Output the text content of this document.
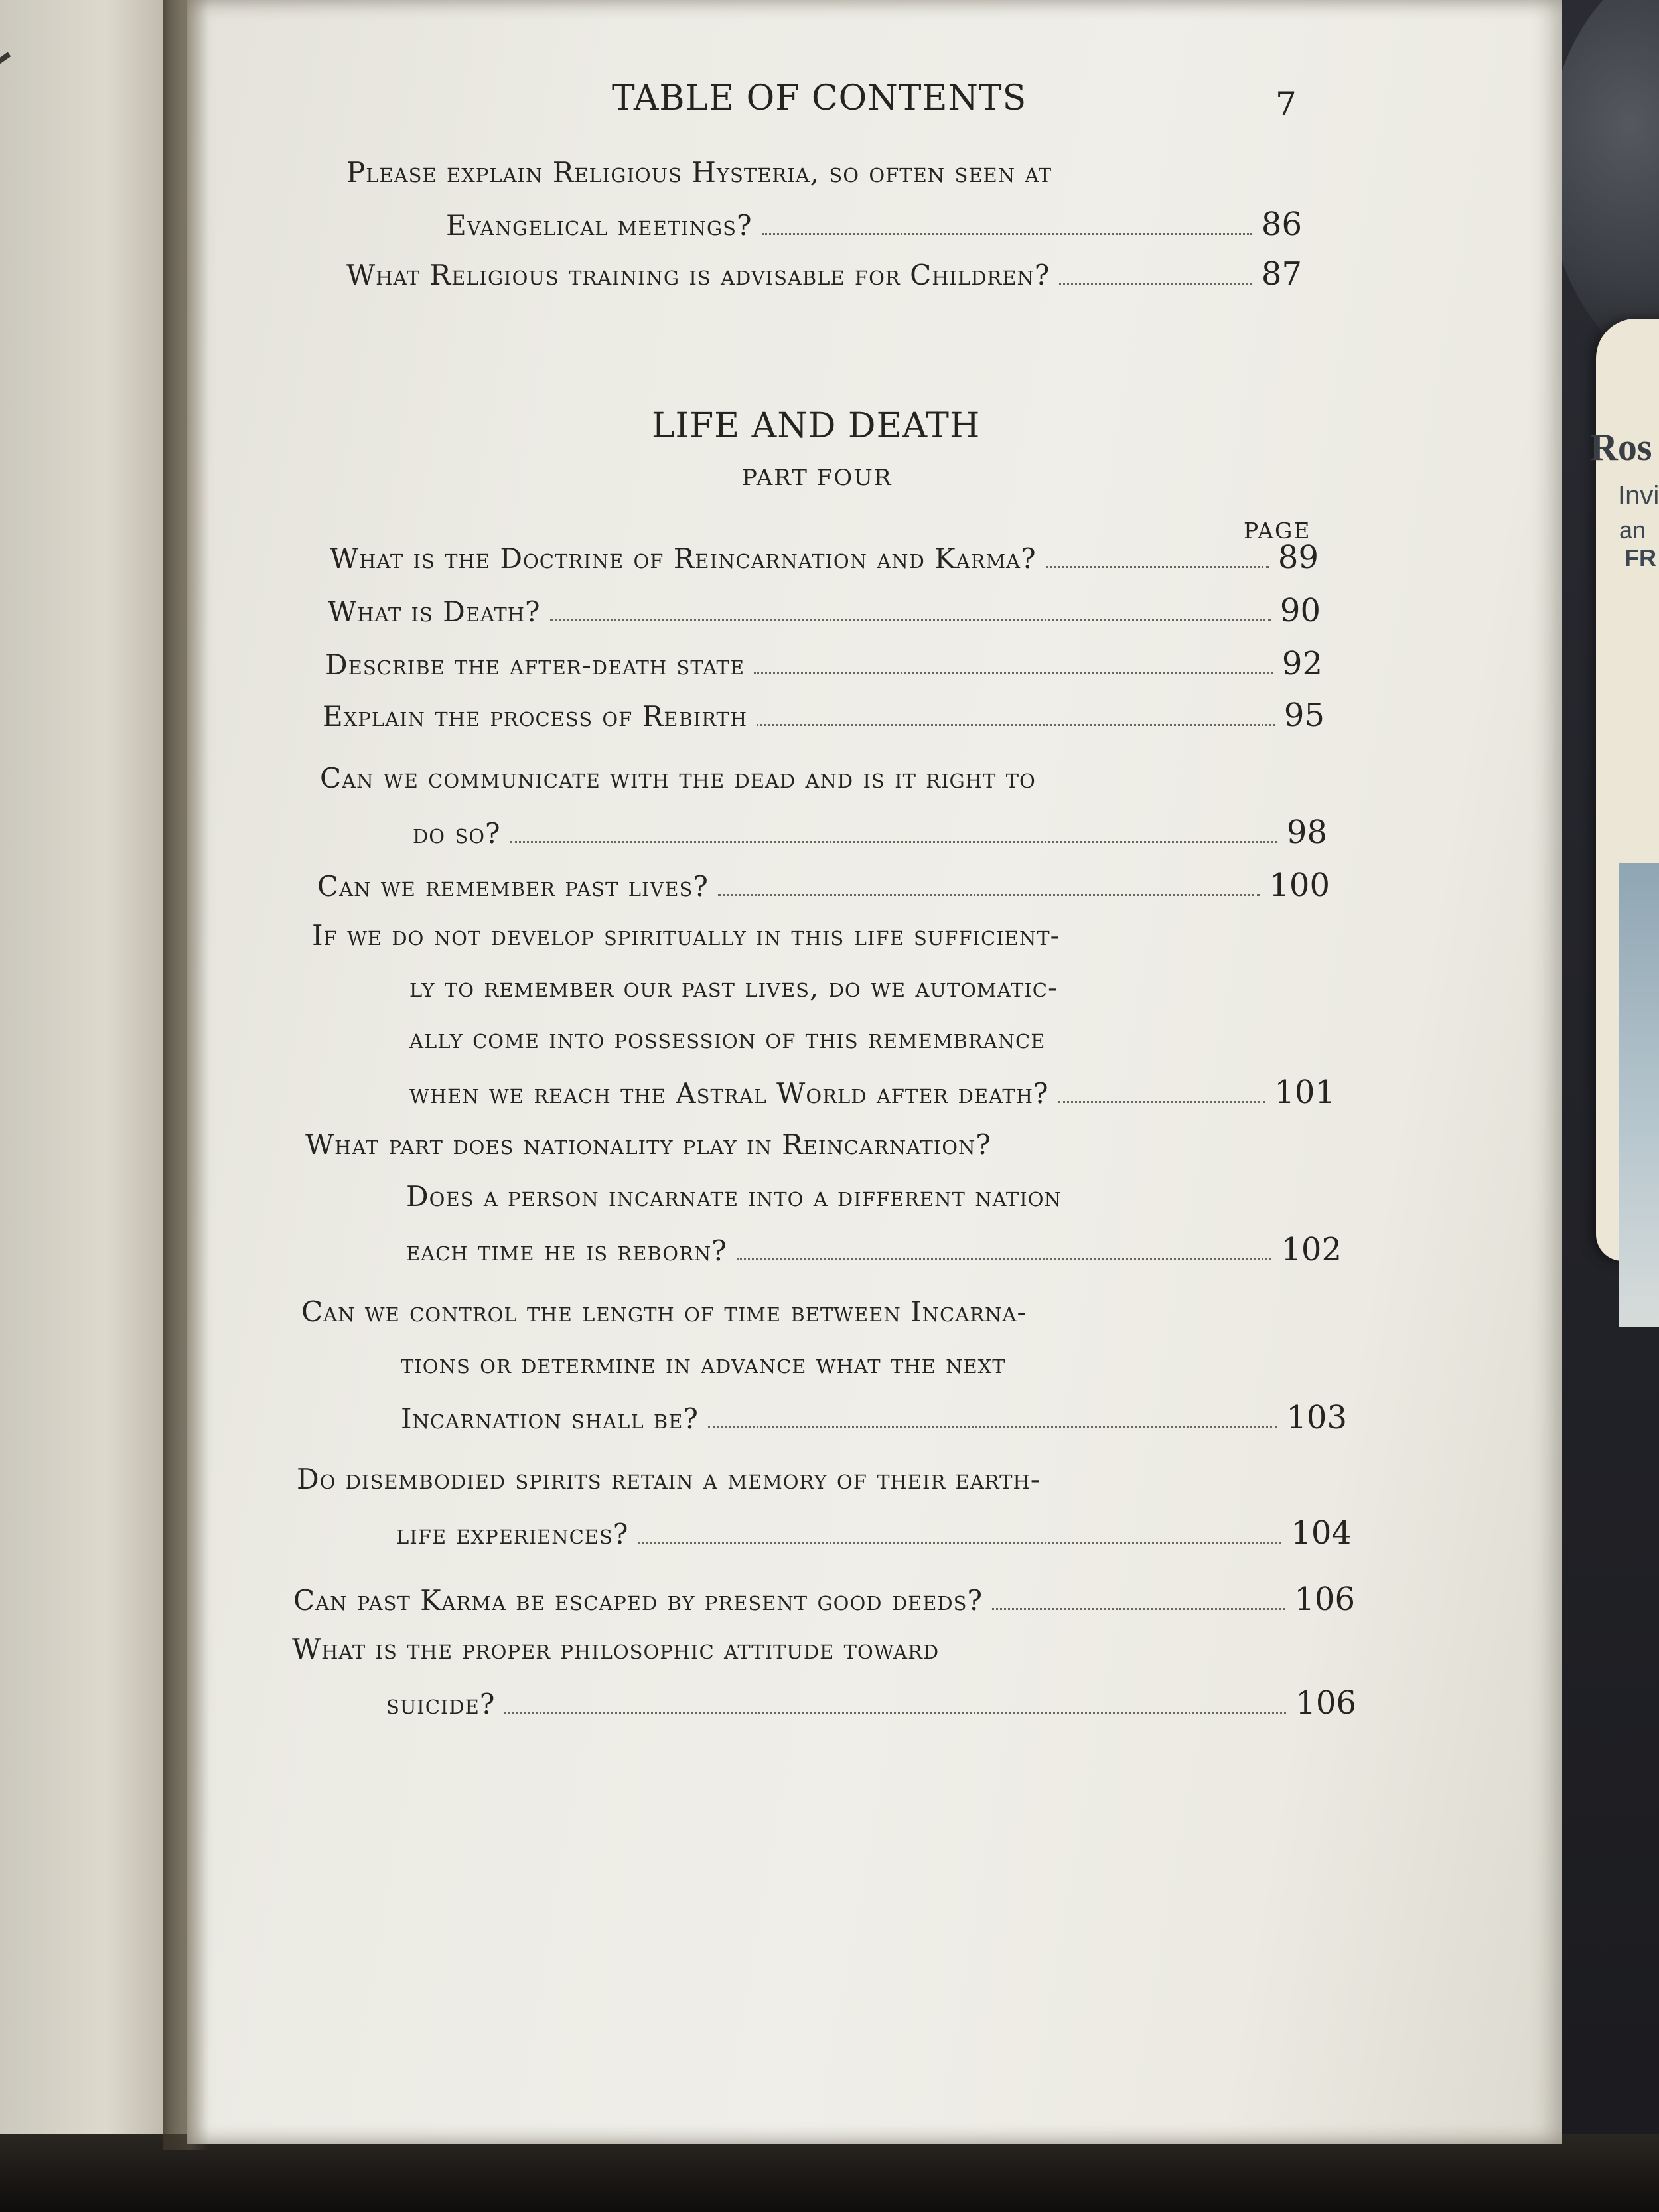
Ros
Invi
an
FR
TABLE OF CONTENTS	7
LIFE AND DEATH
PART FOUR
PAGE
Please explain Religious Hysteria, so often seen at
Evangelical meetings?	86
What Religious training is advisable for Children?	87
What is the Doctrine of Reincarnation and Karma?	89
What is Death?	90
Describe the after-death state	92
Explain the process of Rebirth	95
Can we communicate with the dead and is it right to
do so?	98
Can we remember past lives?	100
If we do not develop spiritually in this life sufficient-
ly to remember our past lives, do we automatic-
ally come into possession of this remembrance
when we reach the Astral World after death?	101
What part does nationality play in Reincarnation?
Does a person incarnate into a different nation
each time he is reborn?	102
Can we control the length of time between Incarna-
tions or determine in advance what the next
Incarnation shall be?	103
Do disembodied spirits retain a memory of their earth-
life experiences?	104
Can past Karma be escaped by present good deeds?	106
What is the proper philosophic attitude toward
suicide?	106
